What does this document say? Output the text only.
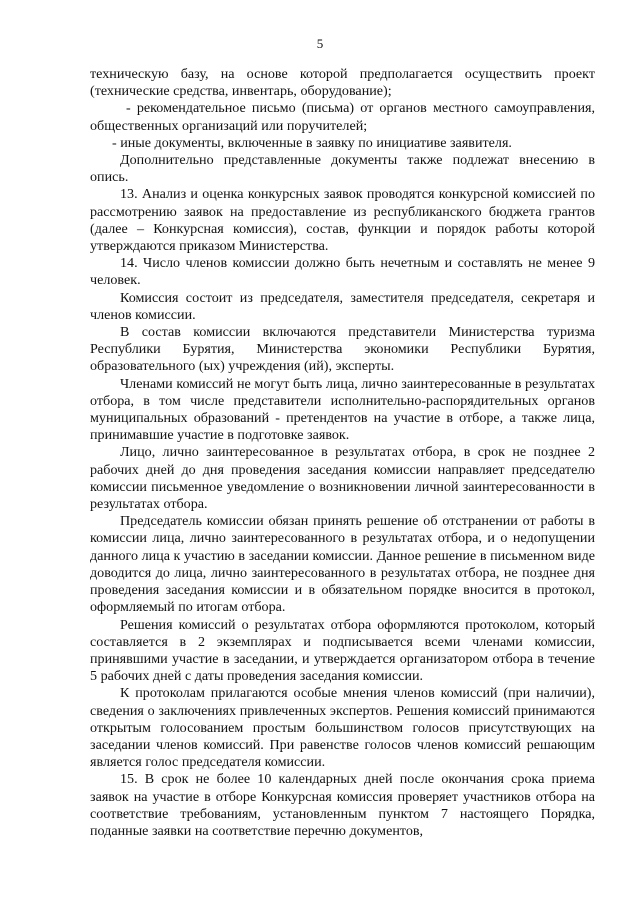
5

техническую базу, на основе которой предполагается осуществить проект (технические средства, инвентарь, оборудование);

- рекомендательное письмо (письма) от органов местного самоуправления, общественных организаций или поручителей;

- иные документы, включенные в заявку по инициативе заявителя.

Дополнительно представленные документы также подлежат внесению в опись.

13. Анализ и оценка конкурсных заявок проводятся конкурсной комиссией по рассмотрению заявок на предоставление из республиканского бюджета грантов (далее – Конкурсная комиссия), состав, функции и порядок работы которой утверждаются приказом Министерства.

14. Число членов комиссии должно быть нечетным и составлять не менее 9 человек.

Комиссия состоит из председателя, заместителя председателя, секретаря и членов комиссии.

В состав комиссии включаются представители Министерства туризма Республики Бурятия, Министерства экономики Республики Бурятия, образовательного (ых) учреждения (ий), эксперты.

Членами комиссий не могут быть лица, лично заинтересованные в результатах отбора, в том числе представители исполнительно-распорядительных органов муниципальных образований - претендентов на участие в отборе, а также лица, принимавшие участие в подготовке заявок.

Лицо, лично заинтересованное в результатах отбора, в срок не позднее 2 рабочих дней до дня проведения заседания комиссии направляет председателю комиссии письменное уведомление о возникновении личной заинтересованности в результатах отбора.

Председатель комиссии обязан принять решение об отстранении от работы в комиссии лица, лично заинтересованного в результатах отбора, и о недопущении данного лица к участию в заседании комиссии. Данное решение в письменном виде доводится до лица, лично заинтересованного в результатах отбора, не позднее дня проведения заседания комиссии и в обязательном порядке вносится в протокол, оформляемый по итогам отбора.

Решения комиссий о результатах отбора оформляются протоколом, который составляется в 2 экземплярах и подписывается всеми членами комиссии, принявшими участие в заседании, и утверждается организатором отбора в течение 5 рабочих дней с даты проведения заседания комиссии.

К протоколам прилагаются особые мнения членов комиссий (при наличии), сведения о заключениях привлеченных экспертов. Решения комиссий принимаются открытым голосованием простым большинством голосов присутствующих на заседании членов комиссий. При равенстве голосов членов комиссий решающим является голос председателя комиссии.

15. В срок не более 10 календарных дней после окончания срока приема заявок на участие в отборе Конкурсная комиссия проверяет участников отбора на соответствие требованиям, установленным пунктом 7 настоящего Порядка, поданные заявки на соответствие перечню документов,
